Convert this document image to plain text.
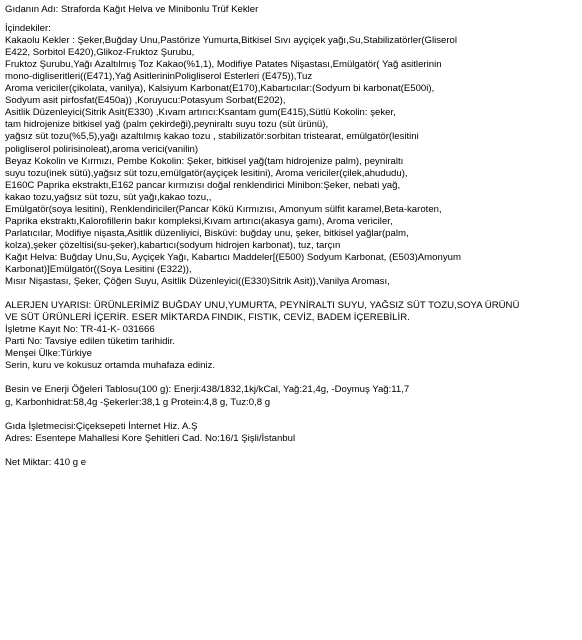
Gıdanın Adı: Straforda Kağıt Helva ve Minibonlu Trüf Kekler
İçindekiler:
Kakaolu Kekler : Şeker,Buğday Unu,Pastörize Yumurta,Bitkisel Sıvı ayçiçek yağı,Su,Stabilizatörler(Gliserol
E422, Sorbitol E420),Glikoz-Fruktoz Şurubu,
Fruktoz Şurubu,Yağı Azaltılmış Toz Kakao(%1,1), Modifiye Patates Nişastası,Emülgatör( Yağ asitlerinin
mono-digliseritleri((E471),Yağ AsitlerininPoligliserol Esterleri (E475)),Tuz
Aroma vericiler(çikolata, vanilya), Kalsiyum Karbonat(E170),Kabartıcılar:(Sodyum bi karbonat(E500i),
Sodyum asit pirfosfat(E450a)) ,Koruyucu:Potasyum Sorbat(E202),
Asitlik Düzenleyici(Sitrik Asit(E330) ,Kıvam artırıcı:Ksantam gum(E415),Sütlü Kokolin: şeker,
tam hidrojenize bitkisel yağ (palm çekirdeği),peyniraltı suyu tozu (süt ürünü),
yağsız süt tozu(%5,5),yağı azaltılmış kakao tozu , stabilizatör:sorbitan tristearat, emülgatör(lesitini
poligliserol polirisinoleat),aroma verici(vanilin)
Beyaz Kokolin ve Kırmızı, Pembe Kokolin: Şeker, bitkisel yağ(tam hidrojenize palm), peyniraltı
suyu tozu(inek sütü),yağsız süt tozu,emülgatör(ayçiçek lesitini), Aroma vericiler(çilek,ahududu),
E160C Paprika ekstraktı,E162 pancar kırmızısı doğal renklendirici Minibon:Şeker, nebati yağ,
kakao tozu,yağsız süt tozu, süt yağı,kakao tozu,,
Emülgatör(soya lesitini), Renklendiriciler(Pancar Kökü Kırmızısı, Amonyum sülfit karamel,Beta-karoten,
Paprika ekstraktı,Kalorofillerin bakır kompleksi,Kıvam artırıcı(akasya gamı), Aroma vericiler,
Parlatıcılar, Modifiye nişasta,Asitlik düzenliyici, Bisküvi: buğday unu, şeker, bitkisel yağlar(palm,
kolza),şeker çözeltisi(su-şeker),kabartıcı(sodyum hidrojen karbonat), tuz, tarçın
Kağıt Helva: Buğday Unu,Su, Ayçiçek Yağı, Kabartıcı Maddeler[(E500) Sodyum Karbonat, (E503)Amonyum
Karbonat)]Emülgatör((Soya Lesitini (E322)),
Mısır Nişastası, Şeker, Çöğen Suyu, Asitlik Düzenleyici((E330)Sitrik Asit)),Vanilya Aroması,
ALERJEN UYARISI: ÜRÜNLERİMİZ BUĞDAY UNU,YUMURTA, PEYNİRALTI SUYU, YAĞSIZ SÜT TOZU,SOYA ÜRÜNÜ
VE SÜT ÜRÜNLERİ İÇERİR. ESER MİKTARDA FINDIK, FISTIK, CEVİZ, BADEM İÇEREBİLİR.
İşletme Kayıt No: TR-41-K- 031666
Parti No: Tavsiye edilen tüketim tarihidir.
Menşei Ülke:Türkiye
Serin, kuru ve kokusuz ortamda muhafaza ediniz.
Besin ve Enerji Öğeleri Tablosu(100 g): Enerji:438/1832,1kj/kCal, Yağ:21,4g, -Doymuş Yağ:11,7
g, Karbonhidrat:58,4g -Şekerler:38,1 g Protein:4,8 g, Tuz:0,8 g
Gıda İşletmecisi:Çiçeksepeti İnternet Hiz. A.Ş
Adres: Esentepe Mahallesi Kore Şehitleri Cad. No:16/1 Şişli/İstanbul
Net Miktar: 410 g e
